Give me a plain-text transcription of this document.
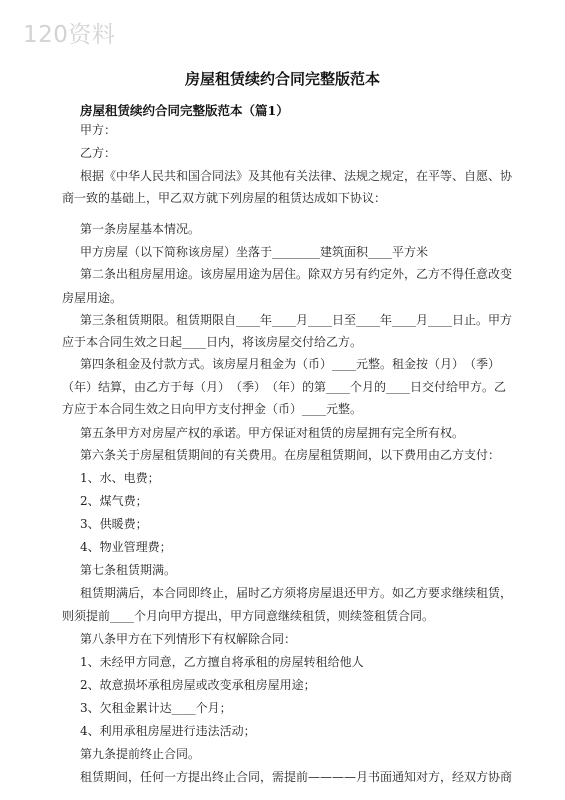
120资料
房屋租赁续约合同完整版范本
房屋租赁续约合同完整版范本（篇1）
甲方：
乙方：
根据《中华人民共和国合同法》及其他有关法律、法规之规定，在平等、自愿、协
商一致的基础上，甲乙双方就下列房屋的租赁达成如下协议：
第一条房屋基本情况。
甲方房屋（以下简称该房屋）坐落于________建筑面积____平方米
第二条出租房屋用途。该房屋用途为居住。除双方另有约定外，乙方不得任意改变
房屋用途。
第三条租赁期限。租赁期限自____年____月____日至____年____月____日止。甲方
应于本合同生效之日起____日内，将该房屋交付给乙方。
第四条租金及付款方式。该房屋月租金为（币）____元整。租金按（月）　（季）
（年）结算，由乙方于每（月）　（季）　（年）的第____个月的____日交付给甲方。乙
方应于本合同生效之日向甲方支付押金（币）____元整。
第五条甲方对房屋产权的承诺。甲方保证对租赁的房屋拥有完全所有权。
第六条关于房屋租赁期间的有关费用。在房屋租赁期间，以下费用由乙方支付：
1、水、电费；
2、煤气费；
3、供暖费；
4、物业管理费；
第七条租赁期满。
租赁期满后，本合同即终止，届时乙方须将房屋退还甲方。如乙方要求继续租赁，
则须提前____个月向甲方提出，甲方同意继续租赁，则续签租赁合同。
第八条甲方在下列情形下有权解除合同：
1、未经甲方同意，乙方擅自将承租的房屋转租给他人
2、故意损坏承租房屋或改变承租房屋用途；
3、欠租金累计达____个月；
4、利用承租房屋进行违法活动；
第九条提前终止合同。
租赁期间，任何一方提出终止合同，需提前————月书面通知对方，经双方协商
